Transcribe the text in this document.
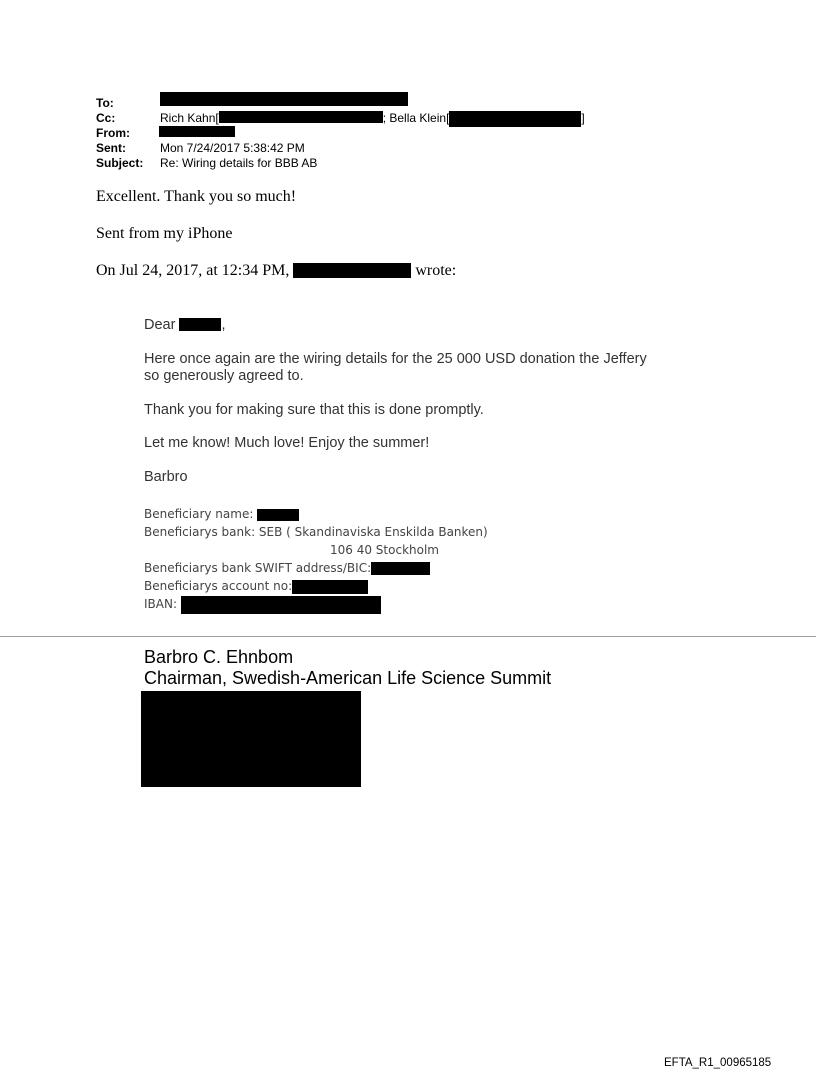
To:
Cc:	Rich Kahn[	; Bella Klein[	]
From:
Sent:	Mon 7/24/2017 5:38:42 PM
Subject:	Re: Wiring details for BBB AB
Excellent. Thank you so much!
Sent from my iPhone
On Jul 24, 2017, at 12:34 PM,	wrote:
Dear	,
Here once again are the wiring details for the 25 000 USD donation the Jeffery
so generously agreed to.
Thank you for making sure that this is done promptly.
Let me know! Much love! Enjoy the summer!
Barbro
Beneficiary name:
Beneficiarys bank: SEB ( Skandinaviska Enskilda Banken)
106 40 Stockholm
Beneficiarys bank SWIFT address/BIC:
Beneficiarys account no:
IBAN:
Barbro C. Ehnbom
Chairman, Swedish-American Life Science Summit
EFTA_R1_00965185
